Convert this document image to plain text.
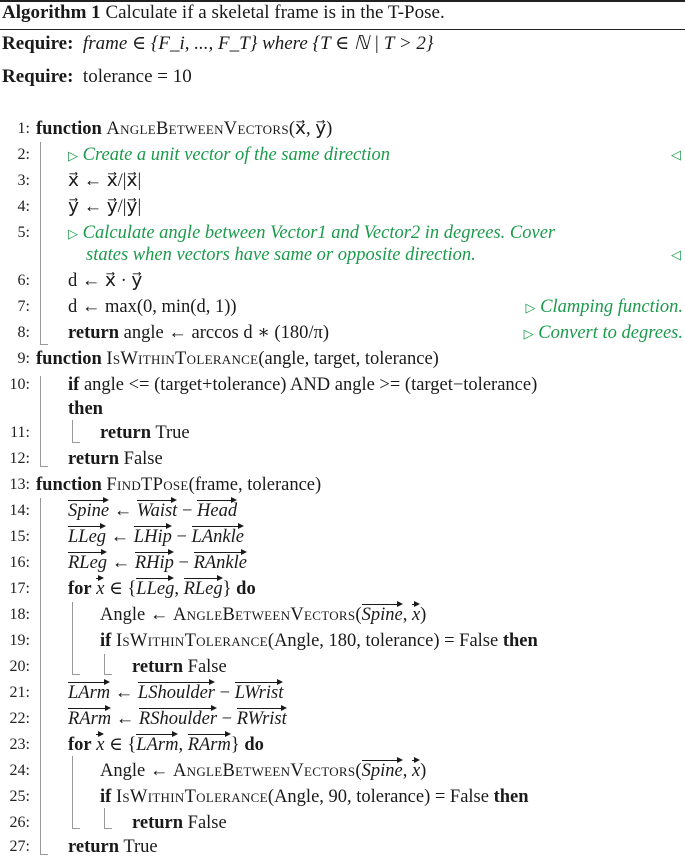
Algorithm 1 Calculate if a skeletal frame is in the T-Pose.
Require: frame ∈ {F_i, ..., F_T} where {T ∈ ℕ | T > 2}
Require: tolerance = 10
1: function AngleBetweenVectors(x⃗, y⃗)
2:	▷ Create a unit vector of the same direction	◁
3: x⃗ ← x⃗/|x⃗|
4: y⃗ ← y⃗/|y⃗|
5:	▷ Calculate angle between Vector1 and Vector2 in degrees. Cover
states when vectors have same or opposite direction.	◁
6: d ← x⃗ · y⃗
7: d ← max(0, min(d, 1))	▷ Clamping function.
8: return angle ← arccos d ∗ (180/π)	▷ Convert to degrees.
9: function IsWithinTolerance(angle, target, tolerance)
10: if angle <= (target+tolerance) AND angle >= (target−tolerance)
then
11:	return True
12: return False
13: function FindTPose(frame, tolerance)
14: Spine ← Waist − Head
15: LLeg ← LHip − LAnkle
16: RLeg ← RHip − RAnkle
17: for x ∈ {LLeg, RLeg} do
18:	Angle ← AngleBetweenVectors(Spine, x)
19:	if IsWithinTolerance(Angle, 180, tolerance) = False then
20:	return False
21: LArm ← LShoulder − LWrist
22: RArm ← RShoulder − RWrist
23: for x ∈ {LArm, RArm} do
24:	Angle ← AngleBetweenVectors(Spine, x)
25:	if IsWithinTolerance(Angle, 90, tolerance) = False then
26:	return False
27: return True
